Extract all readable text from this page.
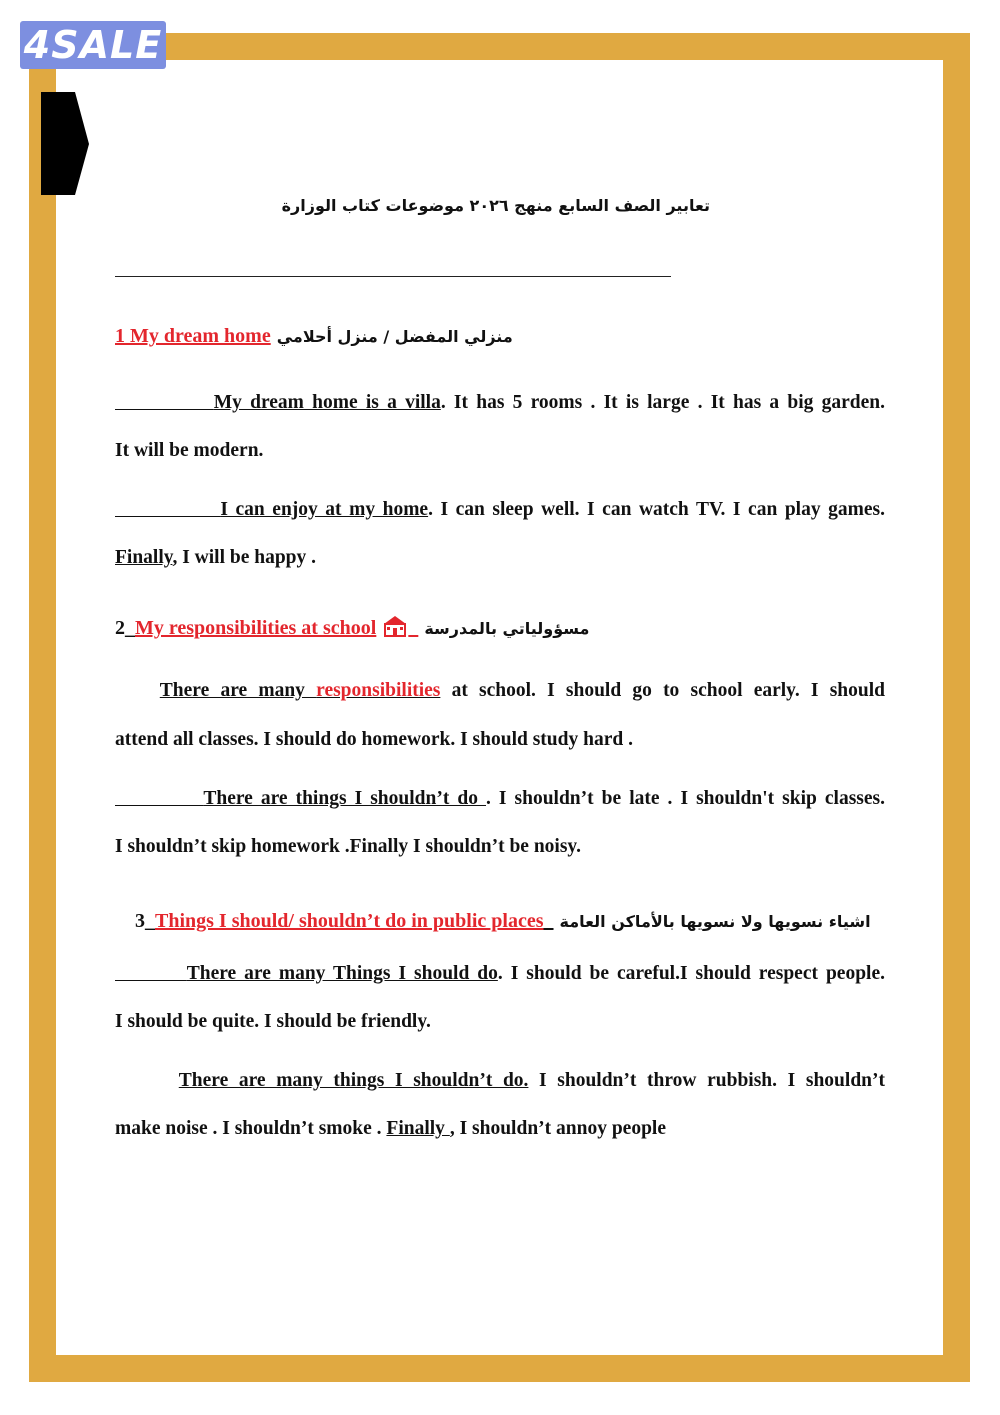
4SALE
تعابير الصف السابع منهج ٢٠٢٦ موضوعات كتاب الوزارة
1
My dream home منزلي المفضل / منزل أحلامي
My dream home is a villa. It has 5 rooms . It is large . It has a big garden.
It will be modern.
I can enjoy at my home. I can sleep well. I can watch TV. I can play games.
Finally, I will be happy .
2_ My responsibilities at school
	مسؤولياتي بالمدرسة
There are many responsibilities at school. I should go to school early. I should
attend all classes. I should do homework. I should study hard .
There are things I shouldn’t do . I shouldn’t be late . I shouldn't skip classes.
I shouldn’t skip homework .Finally I shouldn’t be noisy.
3_ Things I should/ shouldn’t do in public places
اشياء نسويها ولا نسويها بالأماكن العامة
There are many Things I should do. I should be careful.I should respect people.
I should be quite. I should be friendly.
There are many things I shouldn’t do. I shouldn’t throw rubbish. I shouldn’t
make noise . I shouldn’t smoke . Finally , I shouldn’t annoy people
